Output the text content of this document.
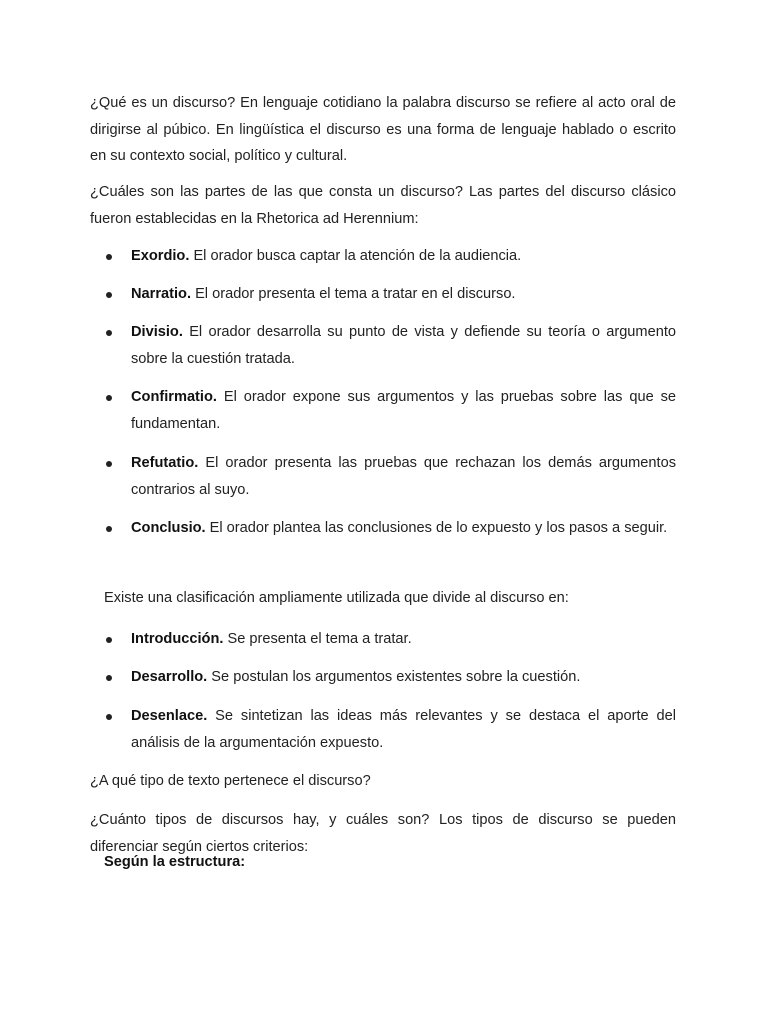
¿Qué es un discurso? En lenguaje cotidiano la palabra discurso se refiere al acto oral de dirigirse al púbico. En lingüística el discurso es una forma de lenguaje hablado o escrito en su contexto social, político y cultural.

¿Cuáles son las partes de las que consta un discurso? Las partes del discurso clásico fueron establecidas en la Rhetorica ad Herennium:

Exordio. El orador busca captar la atención de la audiencia.
Narratio. El orador presenta el tema a tratar en el discurso.
Divisio. El orador desarrolla su punto de vista y defiende su teoría o argumento sobre la cuestión tratada.
Confirmatio. El orador expone sus argumentos y las pruebas sobre las que se fundamentan.
Refutatio. El orador presenta las pruebas que rechazan los demás argumentos contrarios al suyo.
Conclusio. El orador plantea las conclusiones de lo expuesto y los pasos a seguir.

Existe una clasificación ampliamente utilizada que divide al discurso en:

Introducción. Se presenta el tema a tratar.
Desarrollo. Se postulan los argumentos existentes sobre la cuestión.
Desenlace. Se sintetizan las ideas más relevantes y se destaca el aporte del análisis de la argumentación expuesto.

¿A qué tipo de texto pertenece el discurso?

¿Cuánto tipos de discursos hay, y cuáles son? Los tipos de discurso se pueden diferenciar según ciertos criterios:

Según la estructura:
